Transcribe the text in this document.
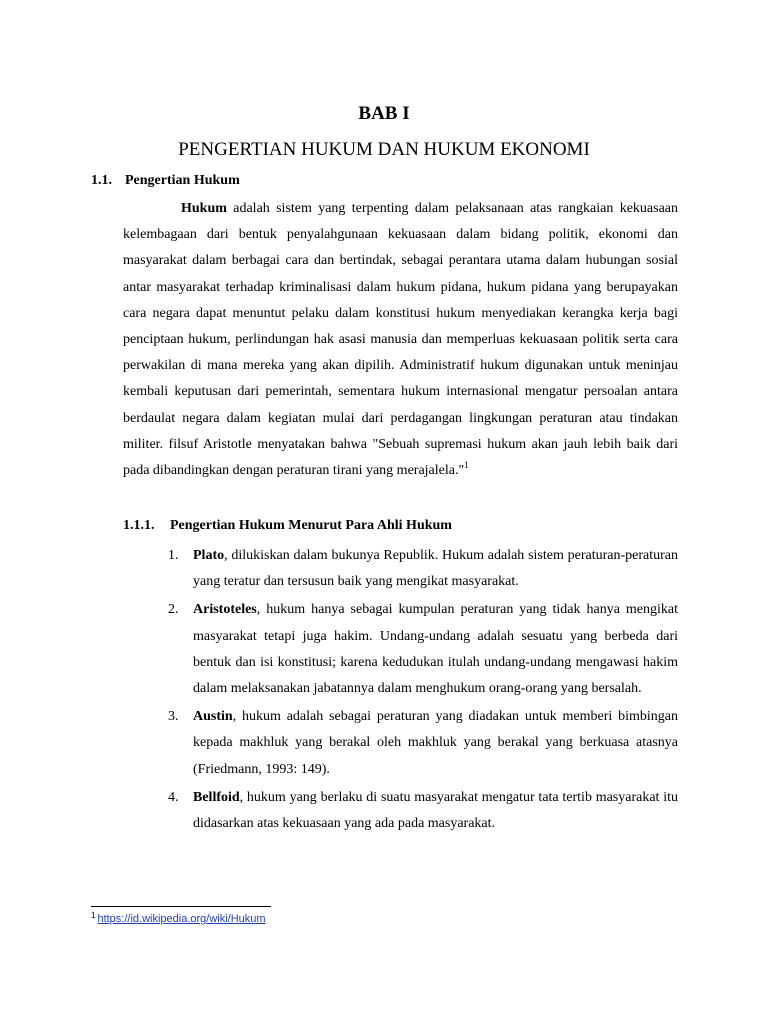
BAB I
PENGERTIAN HUKUM DAN HUKUM EKONOMI
1.1. Pengertian Hukum

Hukum adalah sistem yang terpenting dalam pelaksanaan atas rangkaian kekuasaan kelembagaan dari bentuk penyalahgunaan kekuasaan dalam bidang politik, ekonomi dan masyarakat dalam berbagai cara dan bertindak, sebagai perantara utama dalam hubungan sosial antar masyarakat terhadap kriminalisasi dalam hukum pidana, hukum pidana yang berupayakan cara negara dapat menuntut pelaku dalam konstitusi hukum menyediakan kerangka kerja bagi penciptaan hukum, perlindungan hak asasi manusia dan memperluas kekuasaan politik serta cara perwakilan di mana mereka yang akan dipilih. Administratif hukum digunakan untuk meninjau kembali keputusan dari pemerintah, sementara hukum internasional mengatur persoalan antara berdaulat negara dalam kegiatan mulai dari perdagangan lingkungan peraturan atau tindakan militer. filsuf Aristotle menyatakan bahwa "Sebuah supremasi hukum akan jauh lebih baik dari pada dibandingkan dengan peraturan tirani yang merajalela."$^1$

1.1.1. Pengertian Hukum Menurut Para Ahli Hukum
1. Plato, dilukiskan dalam bukunya Republik. Hukum adalah sistem peraturan-peraturan yang teratur dan tersusun baik yang mengikat masyarakat.
2. Aristoteles, hukum hanya sebagai kumpulan peraturan yang tidak hanya mengikat masyarakat tetapi juga hakim. Undang-undang adalah sesuatu yang berbeda dari bentuk dan isi konstitusi; karena kedudukan itulah undang-undang mengawasi hakim dalam melaksanakan jabatannya dalam menghukum orang-orang yang bersalah.
3. Austin, hukum adalah sebagai peraturan yang diadakan untuk memberi bimbingan kepada makhluk yang berakal oleh makhluk yang berakal yang berkuasa atasnya (Friedmann, 1993: 149).
4. Bellfoid, hukum yang berlaku di suatu masyarakat mengatur tata tertib masyarakat itu didasarkan atas kekuasaan yang ada pada masyarakat.

$^1$ https://id.wikipedia.org/wiki/Hukum
